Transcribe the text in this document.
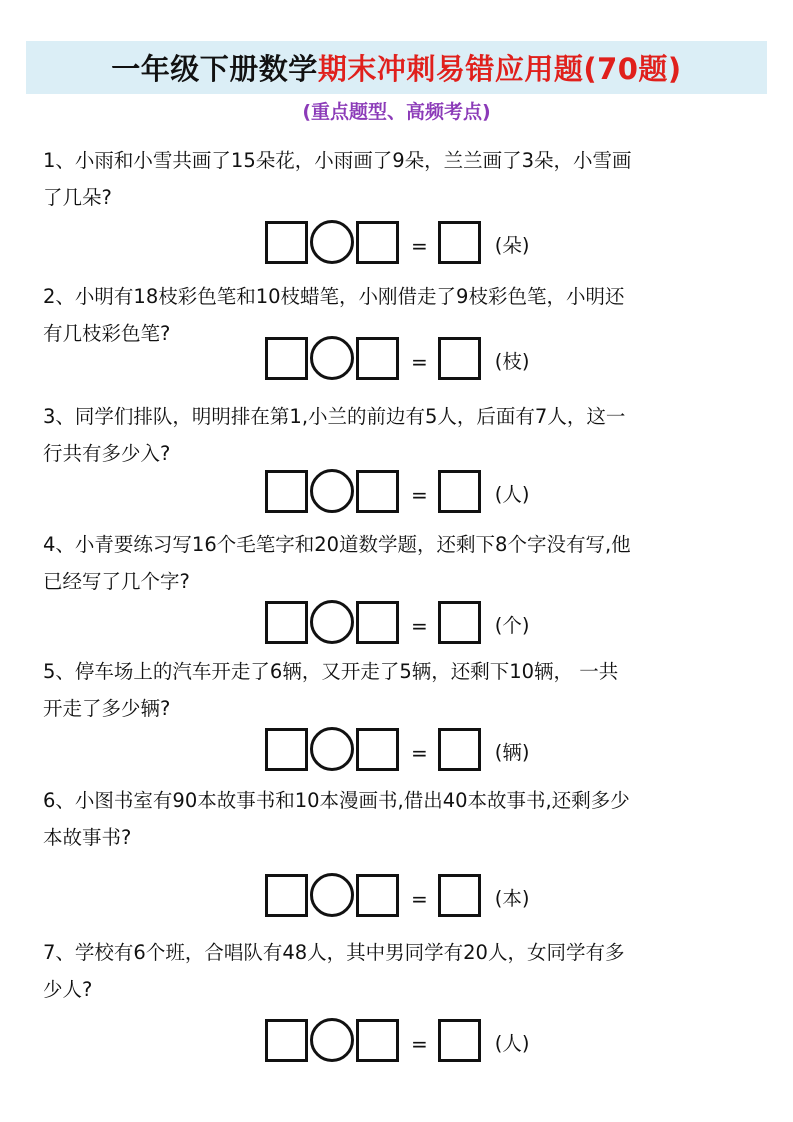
一年级下册数学 期末冲刺易错应用题(70题)
(重点题型、高频考点)
1、小雨和小雪共画了15朵花，小雨画了9朵，兰兰画了3朵，小雪画
了几朵?
=	(朵)
2、小明有18枝彩色笔和10枝蜡笔，小刚借走了9枝彩色笔，小明还
有几枝彩色笔?
=	(枝)
3、同学们排队，明明排在第1,小兰的前边有5人，后面有7人，这一
行共有多少入?
=	(人)
4、小青要练习写16个毛笔字和20道数学题，还剩下8个字没有写,他
已经写了几个字?
=	(个)
5、停车场上的汽车开走了6辆，又开走了5辆，还剩下10辆， 一共
开走了多少辆?
=	(辆)
6、小图书室有90本故事书和10本漫画书,借出40本故事书,还剩多少
本故事书?
=	(本)
7、学校有6个班，合唱队有48人，其中男同学有20人，女同学有多
少人?
=	(人)
